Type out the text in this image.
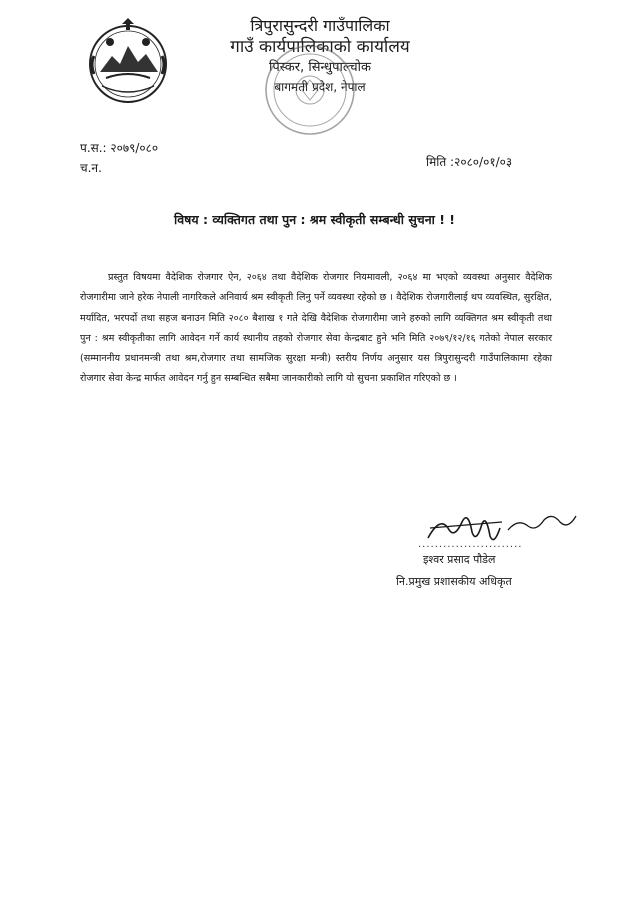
त्रिपुरासुन्दरी गाउँपालिका
गाउँ कार्यपालिकाको कार्यालय
पिस्कर, सिन्धुपाल्चोक
बागमती प्रदेश, नेपाल
प.स.: २०७९/०८०
च.न.	मिति :२०८०/०१/०३
विषय : व्यक्तिगत तथा पुन : श्रम स्वीकृती सम्बन्धी सुचना ! !

प्रस्तुत विषयमा वैदेशिक रोजगार ऐन, २०६४ तथा वैदेशिक रोजगार नियमावली, २०६४ मा भएको व्यवस्था अनुसार वैदेशिक रोजगारीमा जाने हरेक नेपाली नागरिकले अनिवार्य श्रम स्वीकृती लिनु पर्ने व्यवस्था रहेको छ । वैदेशिक रोजगारीलाई थप व्यवस्थित, सुरक्षित, मर्यादित, भरपर्दो तथा सहज बनाउन मिति २०८० बैशाख १ गते देखि वैदेशिक रोजगारीमा जाने हरुको लागि व्यक्तिगत श्रम स्वीकृती तथा पुन : श्रम स्वीकृतीका लागि आवेदन गर्ने कार्य स्थानीय तहको रोजगार सेवा केन्द्रबाट हुने भनि मिति २०७९/१२/१६ गतेको नेपाल सरकार (सम्माननीय प्रधानमन्त्री तथा श्रम,रोजगार तथा सामजिक सुरक्षा मन्त्री) स्तरीय निर्णय अनुसार यस त्रिपुरासुन्दरी गाउँपालिकामा रहेका रोजगार सेवा केन्द्र मार्फत आवेदन गर्नु हुन सम्बन्धित सबैमा जानकारीको लागि यो सुचना प्रकाशित गरिएको छ ।

.........................
इश्वर प्रसाद पौडेल
नि.प्रमुख प्रशासकीय अधिकृत
